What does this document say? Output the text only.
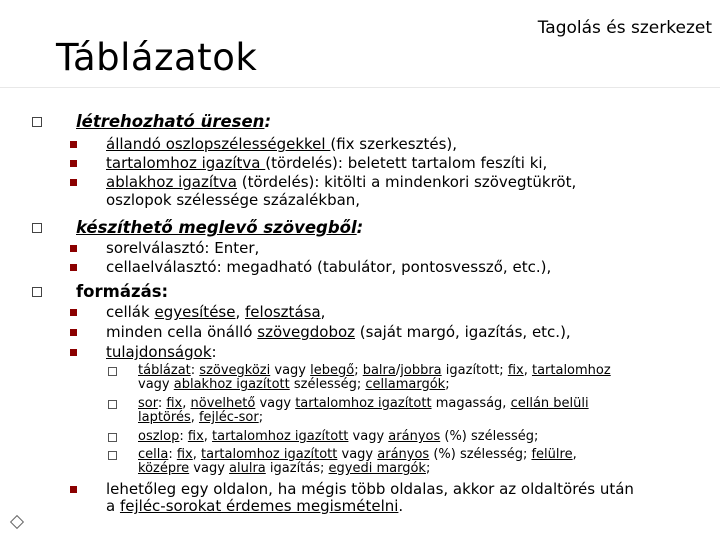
Tagolás és szerkezet
Táblázatok
létrehozható üresen:
állandó oszlopszélességekkel (fix szerkesztés),
tartalomhoz igazítva (tördelés): beletett tartalom feszíti ki,
ablakhoz igazítva (tördelés): kitölti a mindenkori szövegtükröt,
oszlopok szélessége százalékban,
készíthető meglevő szövegből:
sorelválasztó: Enter,
cellaelválasztó: megadható (tabulátor, pontosvessző, etc.),
formázás:
cellák egyesítése, felosztása,
minden cella önálló szövegdoboz (saját margó, igazítás, etc.),
tulajdonságok:
táblázat: szövegközi vagy lebegő; balra/jobbra igazított; fix, tartalomhoz
vagy ablakhoz igazított szélesség; cellamargók;
sor: fix, növelhető vagy tartalomhoz igazított magasság, cellán belüli
laptörés, fejléc-sor;
oszlop: fix, tartalomhoz igazított vagy arányos (%) szélesség;
cella: fix, tartalomhoz igazított vagy arányos (%) szélesség; felülre,
középre vagy alulra igazítás; egyedi margók;
lehetőleg egy oldalon, ha mégis több oldalas, akkor az oldaltörés után
a fejléc-sorokat érdemes megismételni.
